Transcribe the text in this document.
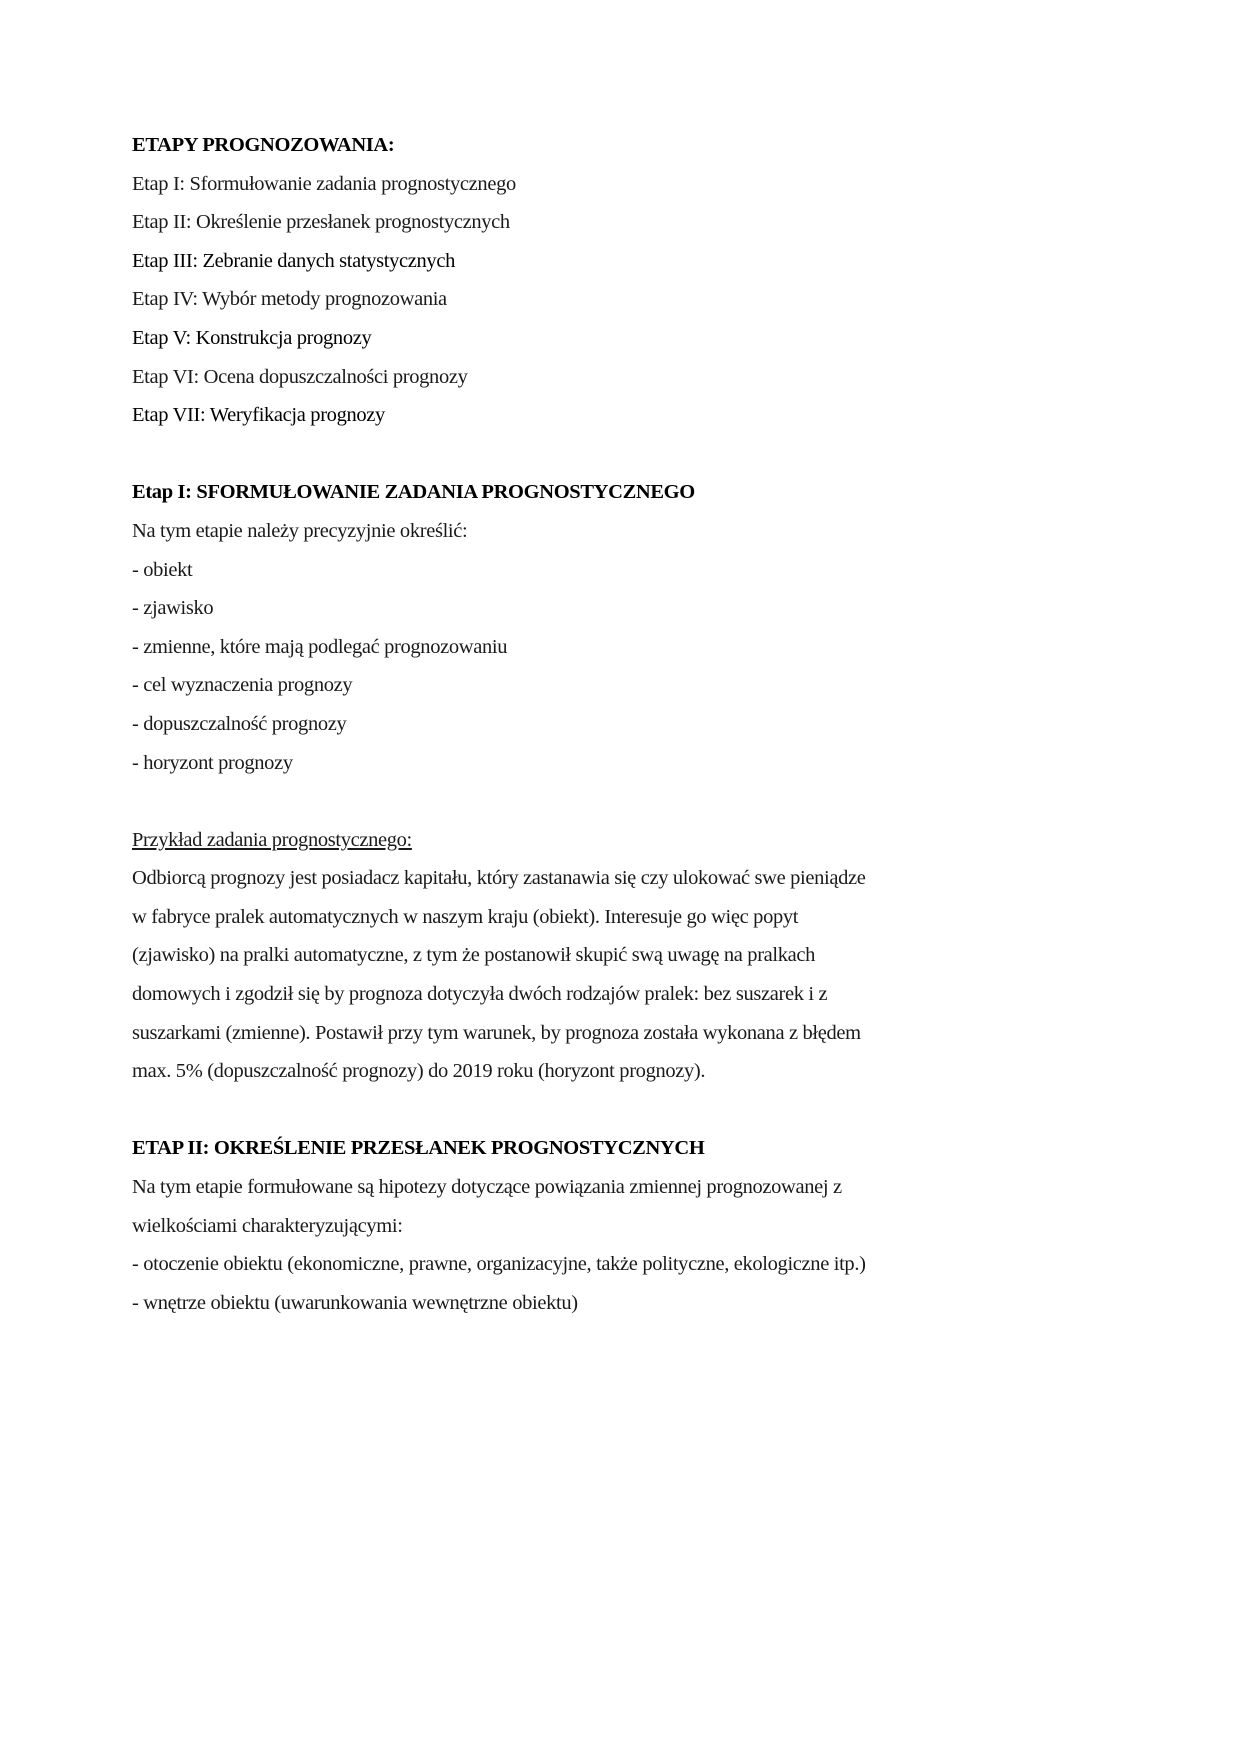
ETAPY PROGNOZOWANIA:
Etap I: Sformułowanie zadania prognostycznego
Etap II: Określenie przesłanek prognostycznych
Etap III: Zebranie danych statystycznych
Etap IV: Wybór metody prognozowania
Etap V: Konstrukcja prognozy
Etap VI: Ocena dopuszczalności prognozy
Etap VII: Weryfikacja prognozy
Etap I: SFORMUŁOWANIE ZADANIA PROGNOSTYCZNEGO
Na tym etapie należy precyzyjnie określić:
- obiekt
- zjawisko
- zmienne, które mają podlegać prognozowaniu
- cel wyznaczenia prognozy
- dopuszczalność prognozy
- horyzont prognozy
Przykład zadania prognostycznego:
Odbiorcą prognozy jest posiadacz kapitału, który zastanawia się czy ulokować swe pieniądze
w fabryce pralek automatycznych w naszym kraju (obiekt). Interesuje go więc popyt
(zjawisko) na pralki automatyczne, z tym że postanowił skupić swą uwagę na pralkach
domowych i zgodził się by prognoza dotyczyła dwóch rodzajów pralek: bez suszarek i z
suszarkami (zmienne). Postawił przy tym warunek, by prognoza została wykonana z błędem
max. 5% (dopuszczalność prognozy) do 2019 roku (horyzont prognozy).
ETAP II: OKREŚLENIE PRZESŁANEK PROGNOSTYCZNYCH
Na tym etapie formułowane są hipotezy dotyczące powiązania zmiennej prognozowanej z
wielkościami charakteryzującymi:
- otoczenie obiektu (ekonomiczne, prawne, organizacyjne, także polityczne, ekologiczne itp.)
- wnętrze obiektu (uwarunkowania wewnętrzne obiektu)
